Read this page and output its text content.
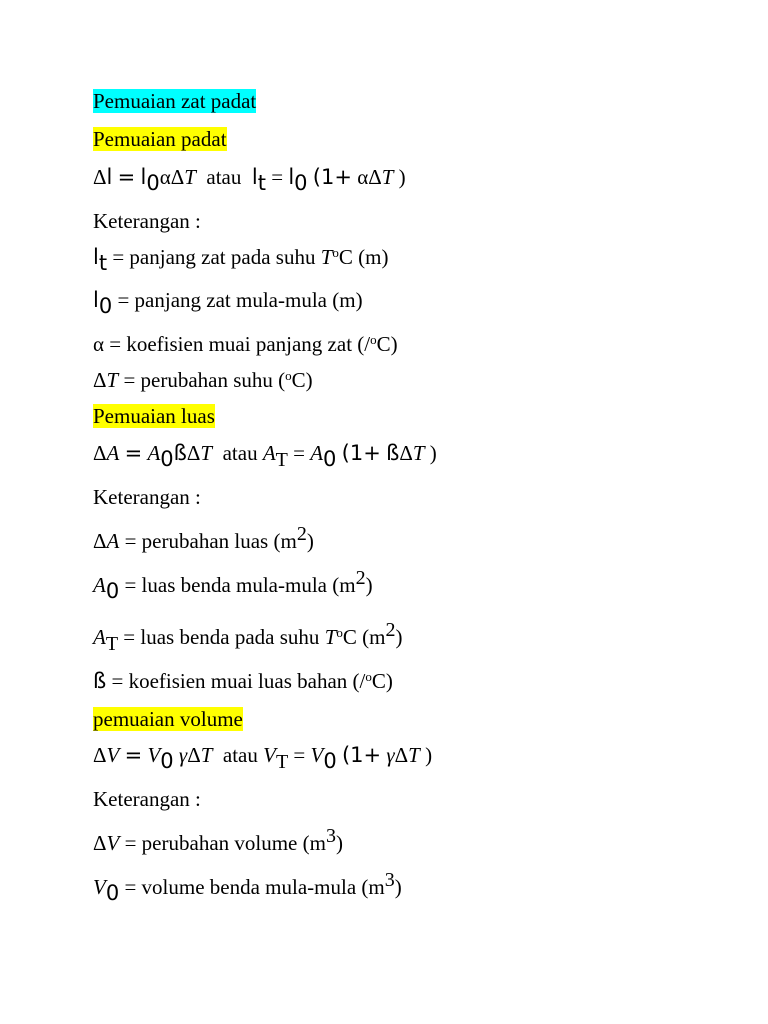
Pemuaian zat padat
Pemuaian padat
Δl = l0αΔT atau lt = l0 (1+ αΔT )
Keterangan :
lt = panjang zat pada suhu $T^oC$ (m)
l0 = panjang zat mula-mula (m)
α = koefisien muai panjang zat (/$^o$C)
ΔT = perubahan suhu ($^o$C)
Pemuaian luas
ΔA = A0ßΔT atau AT = A0 (1+ ßΔT )
Keterangan :
ΔA = perubahan luas (m2)
A0 = luas benda mula-mula (m2)
AT = luas benda pada suhu $T^oC$ (m2)
ß = koefisien muai luas bahan (/$^o$C)
pemuaian volume
ΔV = V0 γΔT atau VT = V0 (1+ γΔT )
Keterangan :
ΔV = perubahan volume (m3)
V0 = volume benda mula-mula (m3)
